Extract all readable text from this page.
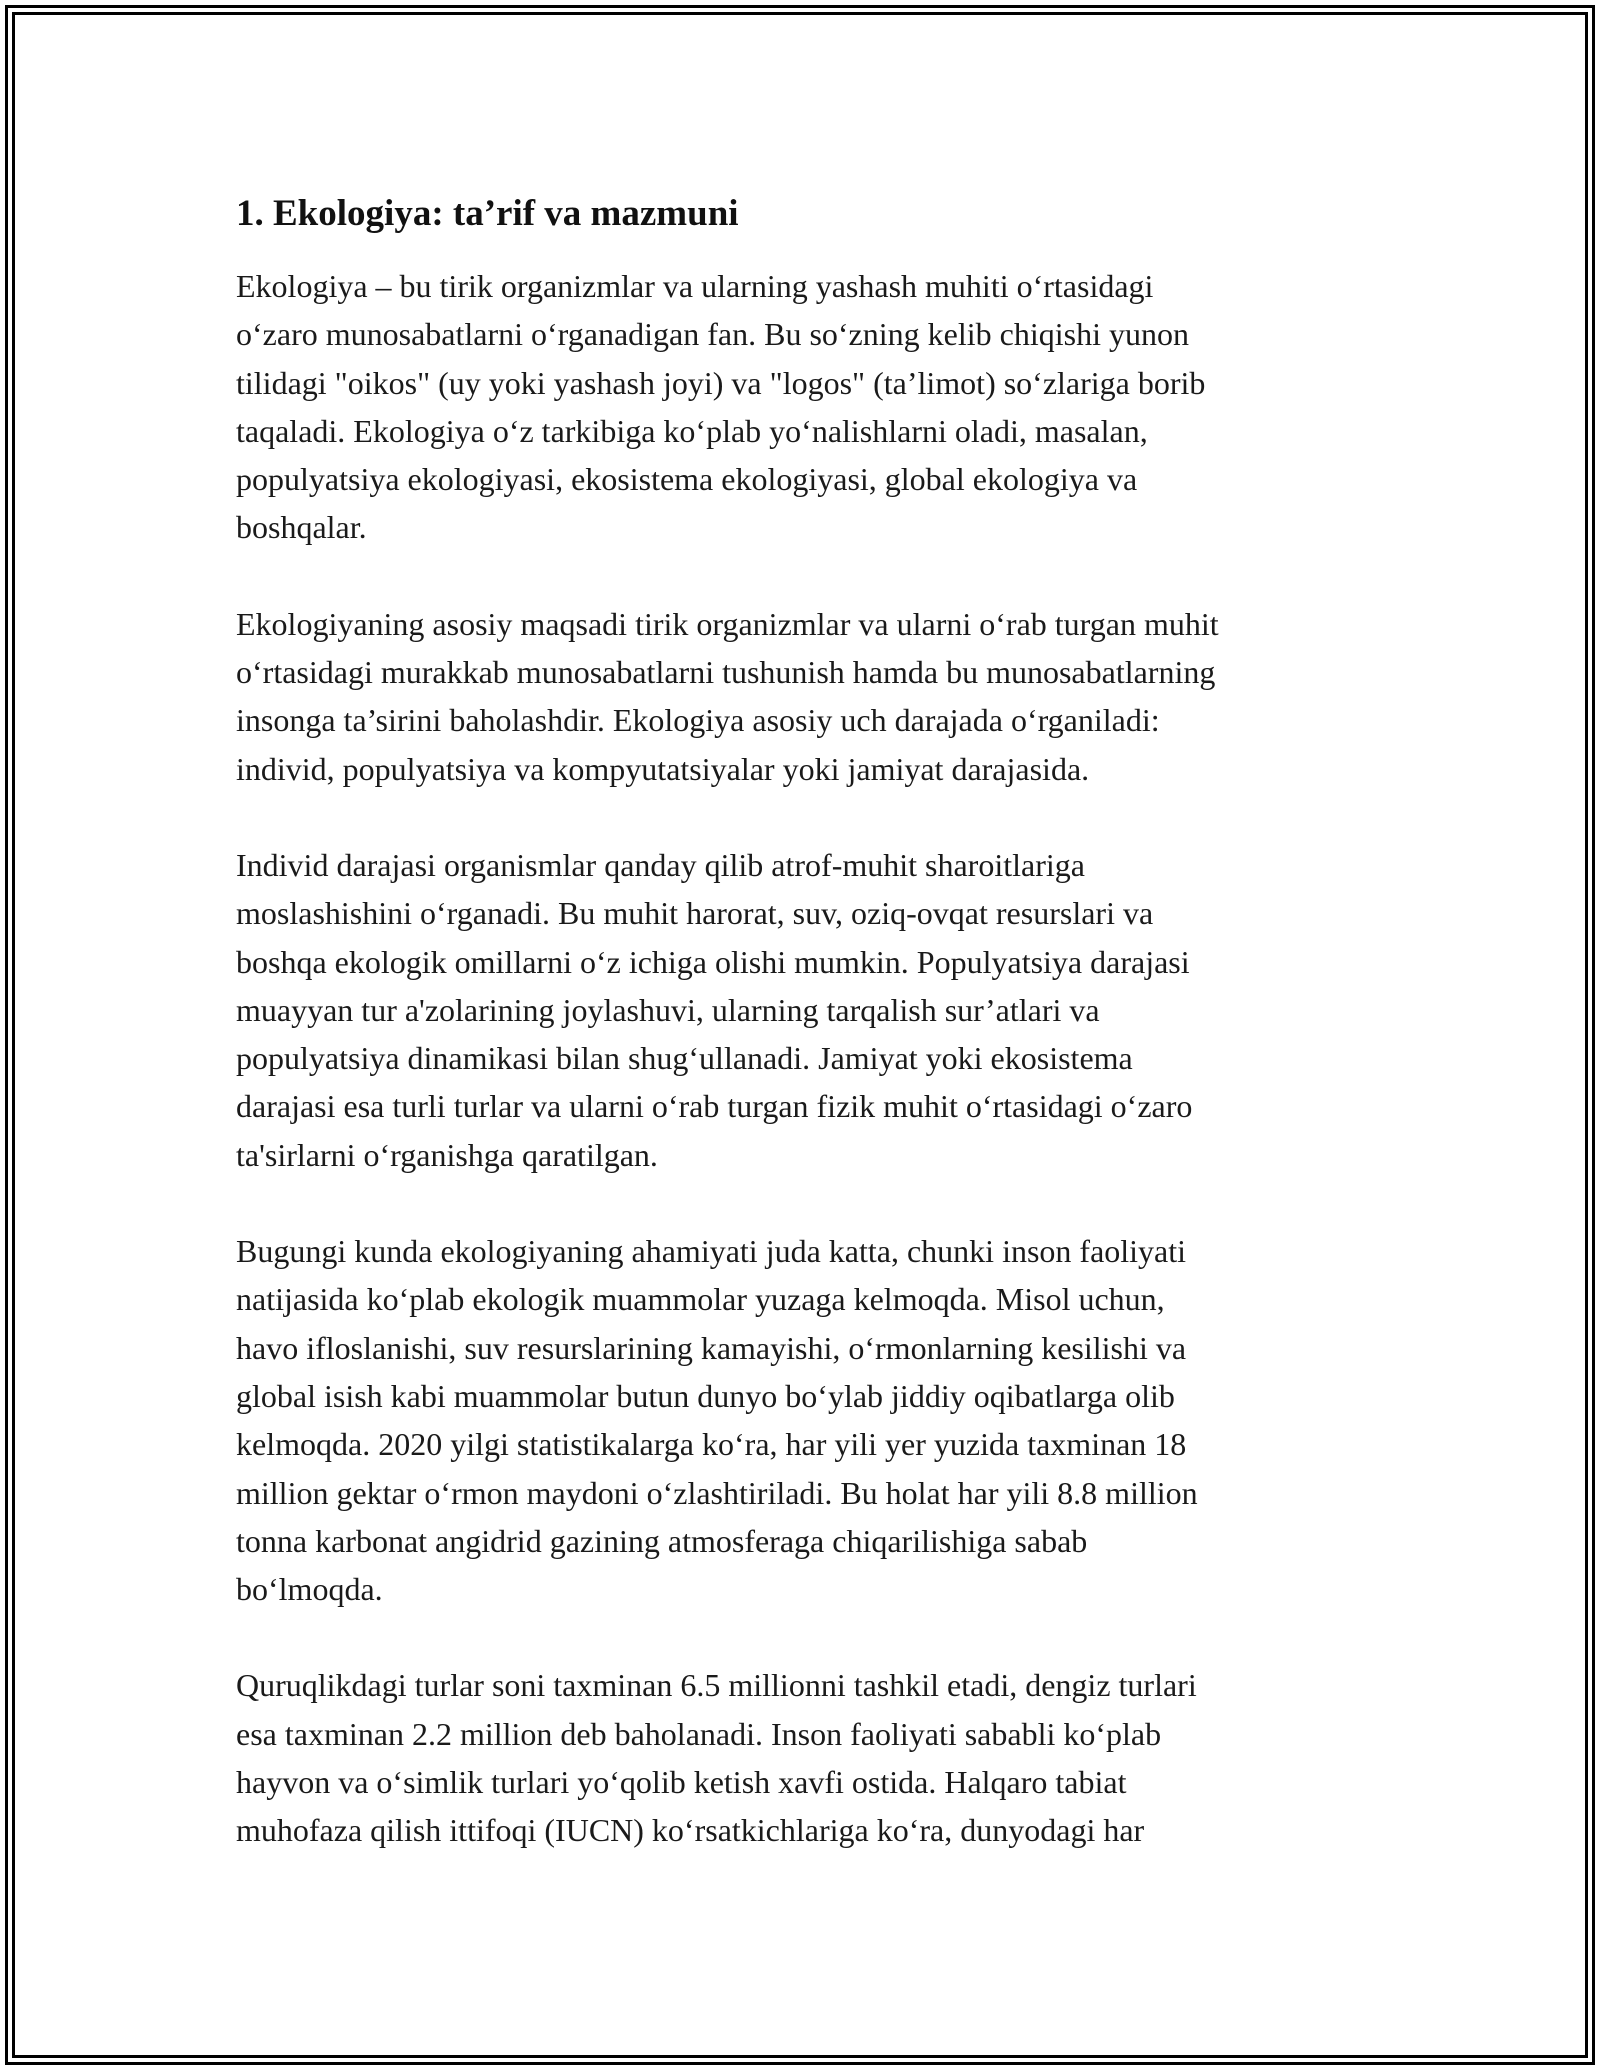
1. Ekologiya: ta’rif va mazmuni

Ekologiya – bu tirik organizmlar va ularning yashash muhiti oʻrtasidagi
oʻzaro munosabatlarni oʻrganadigan fan. Bu soʻzning kelib chiqishi yunon
tilidagi "oikos" (uy yoki yashash joyi) va "logos" (ta’limot) soʻzlariga borib
taqaladi. Ekologiya oʻz tarkibiga koʻplab yoʻnalishlarni oladi, masalan,
populyatsiya ekologiyasi, ekosistema ekologiyasi, global ekologiya va
boshqalar.

Ekologiyaning asosiy maqsadi tirik organizmlar va ularni oʻrab turgan muhit
oʻrtasidagi murakkab munosabatlarni tushunish hamda bu munosabatlarning
insonga ta’sirini baholashdir. Ekologiya asosiy uch darajada oʻrganiladi:
individ, populyatsiya va kompyutatsiyalar yoki jamiyat darajasida.

Individ darajasi organismlar qanday qilib atrof-muhit sharoitlariga
moslashishini oʻrganadi. Bu muhit harorat, suv, oziq-ovqat resurslari va
boshqa ekologik omillarni oʻz ichiga olishi mumkin. Populyatsiya darajasi
muayyan tur a'zolarining joylashuvi, ularning tarqalish sur’atlari va
populyatsiya dinamikasi bilan shugʻullanadi. Jamiyat yoki ekosistema
darajasi esa turli turlar va ularni oʻrab turgan fizik muhit oʻrtasidagi oʻzaro
ta'sirlarni oʻrganishga qaratilgan.

Bugungi kunda ekologiyaning ahamiyati juda katta, chunki inson faoliyati
natijasida koʻplab ekologik muammolar yuzaga kelmoqda. Misol uchun,
havo ifloslanishi, suv resurslarining kamayishi, oʻrmonlarning kesilishi va
global isish kabi muammolar butun dunyo boʻylab jiddiy oqibatlarga olib
kelmoqda. 2020 yilgi statistikalarga koʻra, har yili yer yuzida taxminan 18
million gektar oʻrmon maydoni oʻzlashtiriladi. Bu holat har yili 8.8 million
tonna karbonat angidrid gazining atmosferaga chiqarilishiga sabab
boʻlmoqda.

Quruqlikdagi turlar soni taxminan 6.5 millionni tashkil etadi, dengiz turlari
esa taxminan 2.2 million deb baholanadi. Inson faoliyati sababli koʻplab
hayvon va oʻsimlik turlari yoʻqolib ketish xavfi ostida. Halqaro tabiat
muhofaza qilish ittifoqi (IUCN) koʻrsatkichlariga koʻra, dunyodagi har
